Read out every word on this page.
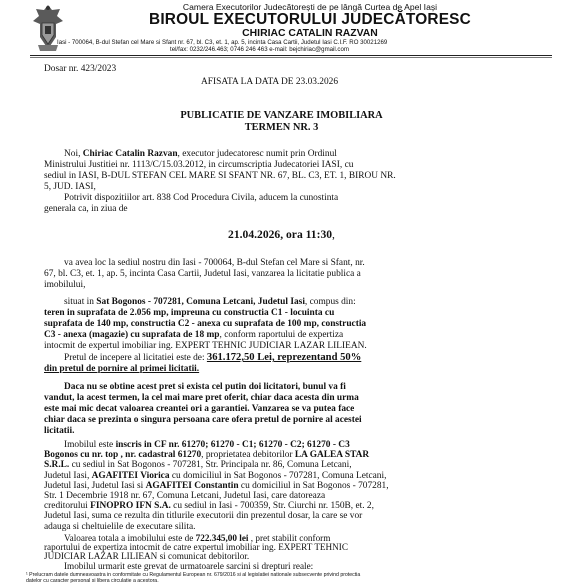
Camera Executorilor Judecătorești de pe lângă Curtea de Apel Iași
BIROUL EXECUTORULUI JUDECĂTORESC
CHIRIAC CATALIN RAZVAN
Iasi - 700064, B-dul Stefan cel Mare si Sfant nr. 67, bl. C3, et. 1, ap. 5, incinta Casa Cartii, Judetul Iasi C.I.F. RO 30021269
tel/fax: 0232/246.463; 0746 246 463 e-mail: bejchiriac@gmail.com
Dosar nr. 423/2023
AFISATA LA DATA DE 23.03.2026
PUBLICATIE DE VANZARE IMOBILIARA
TERMEN NR. 3
Noi, Chiriac Catalin Razvan, executor judecatoresc numit prin Ordinul
Ministrului Justitiei nr. 1113/C/15.03.2012, in circumscriptia Judecatoriei IASI, cu
sediul in IASI, B-DUL STEFAN CEL MARE SI SFANT NR. 67, BL. C3, ET. 1, BIROU NR.
5, JUD. IASI,
Potrivit dispozitiilor art. 838 Cod Procedura Civila, aducem la cunostinta
generala ca, in ziua de
21.04.2026, ora 11:30,
va avea loc la sediul nostru din Iasi - 700064, B-dul Stefan cel Mare si Sfant, nr.
67, bl. C3, et. 1, ap. 5, incinta Casa Cartii, Judetul Iasi, vanzarea la licitatie publica a
imobilului,
situat in Sat Bogonos - 707281, Comuna Letcani, Judetul Iasi, compus din:
teren in suprafata de 2.056 mp, impreuna cu constructia C1 - locuinta cu
suprafata de 140 mp, constructia C2 - anexa cu suprafata de 100 mp, constructia
C3 - anexa (magazie) cu suprafata de 18 mp, conform raportului de expertiza
intocmit de expertul imobiliar ing. EXPERT TEHNIC JUDICIAR LAZAR LILIEAN.
Pretul de incepere al licitatiei este de: 361.172,50 Lei, reprezentand 50%
din pretul de pornire al primei licitatii.
Daca nu se obtine acest pret si exista cel putin doi licitatori, bunul va fi
vandut, la acest termen, la cel mai mare pret oferit, chiar daca acesta din urma
este mai mic decat valoarea creantei ori a garantiei. Vanzarea se va putea face
chiar daca se prezinta o singura persoana care ofera pretul de pornire al acestei
licitatii.
Imobilul este inscris in CF nr. 61270; 61270 - C1; 61270 - C2; 61270 - C3
Bogonos cu nr. top , nr. cadastral 61270, proprietatea debitorilor LA GALEA STAR
S.R.L. cu sediul in Sat Bogonos - 707281, Str. Principala nr. 86, Comuna Letcani,
Judetul Iasi, AGAFITEI Viorica cu domiciliul in Sat Bogonos - 707281, Comuna Letcani,
Judetul Iasi, Judetul Iasi si AGAFITEI Constantin cu domiciliul in Sat Bogonos - 707281,
Str. 1 Decembrie 1918 nr. 67, Comuna Letcani, Judetul Iasi, care datoreaza
creditorului FINOPRO IFN S.A. cu sediul in Iasi - 700359, Str. Ciurchi nr. 150B, et. 2,
Judetul Iasi, suma ce rezulta din titlurile executorii din prezentul dosar, la care se vor
adauga si cheltuielile de executare silita.
Valoarea totala a imobilului este de 722.345,00 lei , pret stabilit conform
raportului de expertiza intocmit de catre expertul imobiliar ing. EXPERT TEHNIC
JUDICIAR LAZAR LILIEAN si comunicat debitorilor.
Imobilul urmarit este grevat de urmatoarele sarcini si drepturi reale:
¹ Prelucram datele dumneavoastra in conformitate cu Regulamentul European nr. 679/2016 si al legislatiei nationale subsecvente privind protectia
datelor cu caracter personal si libera circulatie a acestora.
